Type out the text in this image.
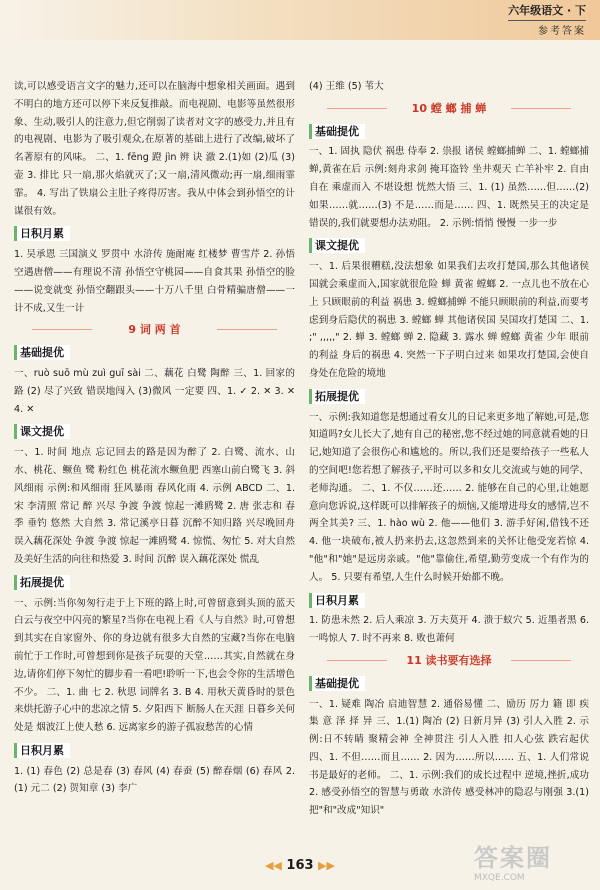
六年级语文 · 下
参考答案

读,可以感受语言文字的魅力,还可以在脑海中想象相关画面。遇到不明白的地方还可以停下来反复推敲。而电视剧、电影等虽然很形象、生动,吸引人的注意力,但它削弱了读者对文字的感受力,并且有的电视剧、电影为了吸引观众,在原著的基础上进行了改编,破坏了名著原有的风味。 二、1. fēng 蹬 jìn 辨 诀 澈 2.(1)如 (2)瓜 (3)壶 3. 排比 只一扇,那火焰就灭了;又一扇,清风微动;再一扇,细雨霏霏。 4. 写出了铁扇公主肚子疼得厉害。我从中体会到孙悟空的计谋很有效。

日积月累

1. 吴承恩 三国演义 罗贯中 水浒传 施耐庵 红楼梦 曹雪芹 2. 孙悟空遇唐僧——有理说不清 孙悟空守桃园——自食其果 孙悟空的脸——说变就变 孙悟空翻跟头——十万八千里 白骨精骗唐僧——一计不成,又生一计

9 词 两 首
基础提优

一、ruò suō mù zuì guī sài 二、藕花 白鹭 陶醉 三、1. 回家的路 (2) 尽了兴致 错误地闯入 (3)微风 一定要 四、1. ✓ 2. ✕ 3. ✕ 4. ✕

课文提优

一、1. 时间 地点 忘记回去的路是因为醉了 2. 白鹭、流水、山水、桃花、鳜鱼 鹭 粉红色 桃花流水鳜鱼肥 西塞山前白鹭飞 3. 斜风细雨 示例:和风细雨 狂风暴雨 春风化雨 4. 示例 ABCD 二、1. 宋 李清照 常记 醉 兴尽 争渡 争渡 惊起一滩鸥鹭 2. 唐 张志和 春季 垂钓 悠然 大自然 3. 常记溪亭日暮 沉醉不知归路 兴尽晚回舟 误入藕花深处 争渡 争渡 惊起一滩鸥鹭 4. 惊慌、匆忙 5. 对大自然及美好生活的向往和热爱 3. 时间 沉醉 误入藕花深处 慌乱

拓展提优

一、示例:当你匆匆行走于上下班的路上时,可曾留意到头顶的蓝天白云与夜空中闪亮的繁星?当你在电视上看《人与自然》时,可曾想到其实在自家窗外、你的身边就有很多大自然的宝藏?当你在电脑前忙于工作时,可曾想到你是孩子玩耍的天堂……其实,自然就在身边,请你们停下匆忙的脚步看一看吧!聆听一下,也会令你的生活增色不少。 二、1. 曲 七 2. 秋思 词牌名 3. B 4. 用秋天黄昏时的景色来烘托游子心中的悲凉之情 5. 夕阳西下 断肠人在天涯 日暮乡关何处是 烟波江上使人愁 6. 远离家乡的游子孤寂愁苦的心情

日积月累

1. (1) 春色 (2) 总是春 (3) 春风 (4) 春蚕 (5) 醉春烟 (6) 春风 2. (1) 元二 (2) 贺知章 (3) 李广

(4) 王维 (5) 苇大

10 螳 螂 捕 蝉
基础提优

一、1. 固执 隐伏 祸患 侍奉 2. 祟报 诸侯 螳螂捕蝉 二、1. 螳螂捕蝉,黄雀在后 示例:刻舟求剑 掩耳盗铃 坐井观天 亡羊补牢 2. 自由自在 乘虚而入 不堪设想 恍然大悟 三、1. (1) 虽然……但……(2) 如果……就……(3) 不是……而是…… 四、1. 既然吴王的决定是错误的,我们就要想办法劝阻。 2. 示例:悄悄 慢慢 一步一步

课文提优

一、1. 后果很糟糕,没法想象 如果我们去攻打楚国,那么其他诸侯国就会乘虚而入,国家就很危险 蝉 黄雀 螳螂 2. 一点儿也不放在心上 只顾眼前的利益 祸患 3. 螳螂捕蝉 不能只顾眼前的利益,而要考虑到身后隐伏的祸患 3. 螳螂 蝉 其他诸侯国 吴国攻打楚国 二、1. ;" ,,,,," 2. 蝉 3. 螳螂 蝉 2. 隐藏 3. 露水 蝉 螳螂 黄雀 少年 眼前的利益 身后的祸患 4. 突然一下子明白过来 如果攻打楚国,会使自身处在危险的境地

拓展提优

一、示例:我知道您是想通过看女儿的日记来更多地了解她,可是,您知道吗?女儿长大了,她有自己的秘密,您不经过她的同意就看她的日记,她知道了会很伤心和尴尬的。所以,我们还是要给孩子一些私人的空间吧!您若想了解孩子,平时可以多和女儿交流或与她的同学、老师沟通。 二、1. 不仅……还…… 2. 能够在自己的心里,让她愿意向您诉说,这样既可以排解孩子的烦恼,又能增进母女的感情,岂不两全其美? 三、1. hào wù 2. 他——他们 3. 游手好闲,借钱不还 4. 他一块破布,被人扔来扔去,这忽然到来的关怀让他受宠若惊 4. "他"和"她"是远房亲戚。"他"靠偷住,希望,勤劳变成一个有作为的人。 5. 只要有希望,人生什么时候开始都不晚。

日积月累

1. 防患未然 2. 后人乘凉 3. 万夫莫开 4. 溃于蚁穴 5. 近墨者黑 6. 一鸣惊人 7. 时不再来 8. 败也萧何

11 读书要有选择
基础提优

一、1. 疑难 陶冶 启迪智慧 2. 通俗易懂 二、励历 厉力 籍 即 疾 集 意 泽 择 异 三、1.(1) 陶冶 (2) 日新月异 (3) 引人入胜 2. 示例:日不转睛 聚精会神 全神贯注 引人入胜 扣人心弦 跌宕起伏 四、1. 不但……而且…… 2. 因为……所以…… 五、1. 人们常说书是最好的老师。 二、1. 示例:我们的成长过程中 逆境,挫折,成功 2. 感受孙悟空的智慧与勇敢 水浒传 感受林冲的隐忍与刚强 3.(1) 把"和"改成"知识"

◀◀ 163 ▶▶	答案圈
MXQE.COM
